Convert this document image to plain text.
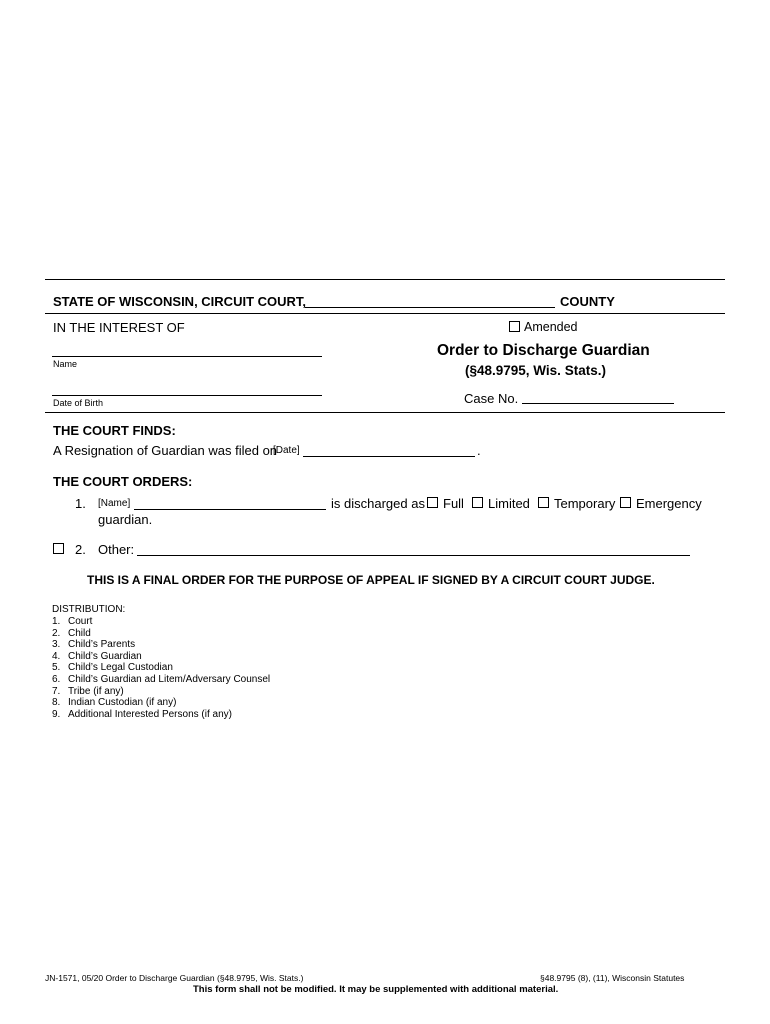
STATE OF WISCONSIN, CIRCUIT COURT,	COUNTY
IN THE INTEREST OF
Name
Date of Birth
Amended
Order to Discharge Guardian
(§48.9795, Wis. Stats.)
Case No.
THE COURT FINDS:
A Resignation of Guardian was filed on
[Date]	.
THE COURT ORDERS:
1. [Name]	is discharged as Full Limited Temporary Emergency
guardian.
2. Other:
THIS IS A FINAL ORDER FOR THE PURPOSE OF APPEAL IF SIGNED BY A CIRCUIT COURT JUDGE.
DISTRIBUTION:
1. Court
2. Child
3. Child’s Parents
4. Child’s Guardian
5. Child’s Legal Custodian
6. Child’s Guardian ad Litem/Adversary Counsel
7. Tribe (if any)
8. Indian Custodian (if any)
9. Additional Interested Persons (if any)
JN-1571, 05/20 Order to Discharge Guardian (§48.9795, Wis. Stats.)	§48.9795 (8), (11), Wisconsin Statutes
This form shall not be modified. It may be supplemented with additional material.
